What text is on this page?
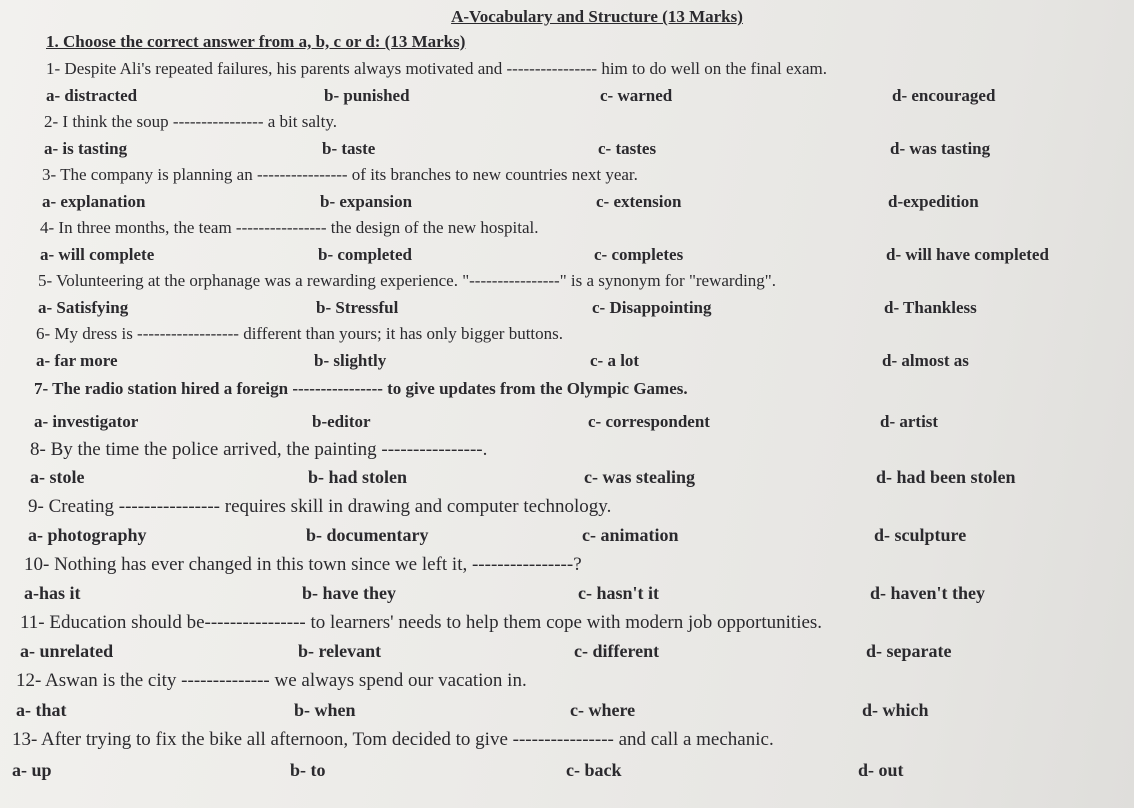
A-Vocabulary and Structure (13 Marks)
1. Choose the correct answer from a, b, c or d: (13 Marks)
1- Despite Ali's repeated failures, his parents always motivated and ---------------- him to do well on the final exam.
a- distracted	b- punished	c- warned	d- encouraged
2- I think the soup ---------------- a bit salty.
a- is tasting	b- taste	c- tastes	d- was tasting
3- The company is planning an ---------------- of its branches to new countries next year.
a- explanation	b- expansion	c- extension	d-expedition
4- In three months, the team ---------------- the design of the new hospital.
a- will complete	b- completed	c- completes	d- will have completed
5- Volunteering at the orphanage was a rewarding experience. "----------------" is a synonym for "rewarding".
a- Satisfying	b- Stressful	c- Disappointing	d- Thankless
6- My dress is ------------------ different than yours; it has only bigger buttons.
a- far more	b- slightly	c- a lot	d- almost as
7- The radio station hired a foreign ---------------- to give updates from the Olympic Games.
a- investigator	b-editor	c- correspondent	d- artist
8- By the time the police arrived, the painting ----------------.
a- stole	b- had stolen	c- was stealing	d- had been stolen
9- Creating ---------------- requires skill in drawing and computer technology.
a- photography	b- documentary	c- animation	d- sculpture
10- Nothing has ever changed in this town since we left it, ----------------?
a-has it	b- have they	c- hasn't it	d- haven't they
11- Education should be---------------- to learners' needs to help them cope with modern job opportunities.
a- unrelated	b- relevant	c- different	d- separate
12- Aswan is the city -------------- we always spend our vacation in.
a- that	b- when	c- where	d- which
13- After trying to fix the bike all afternoon, Tom decided to give ---------------- and call a mechanic.
a- up	b- to	c- back	d- out
